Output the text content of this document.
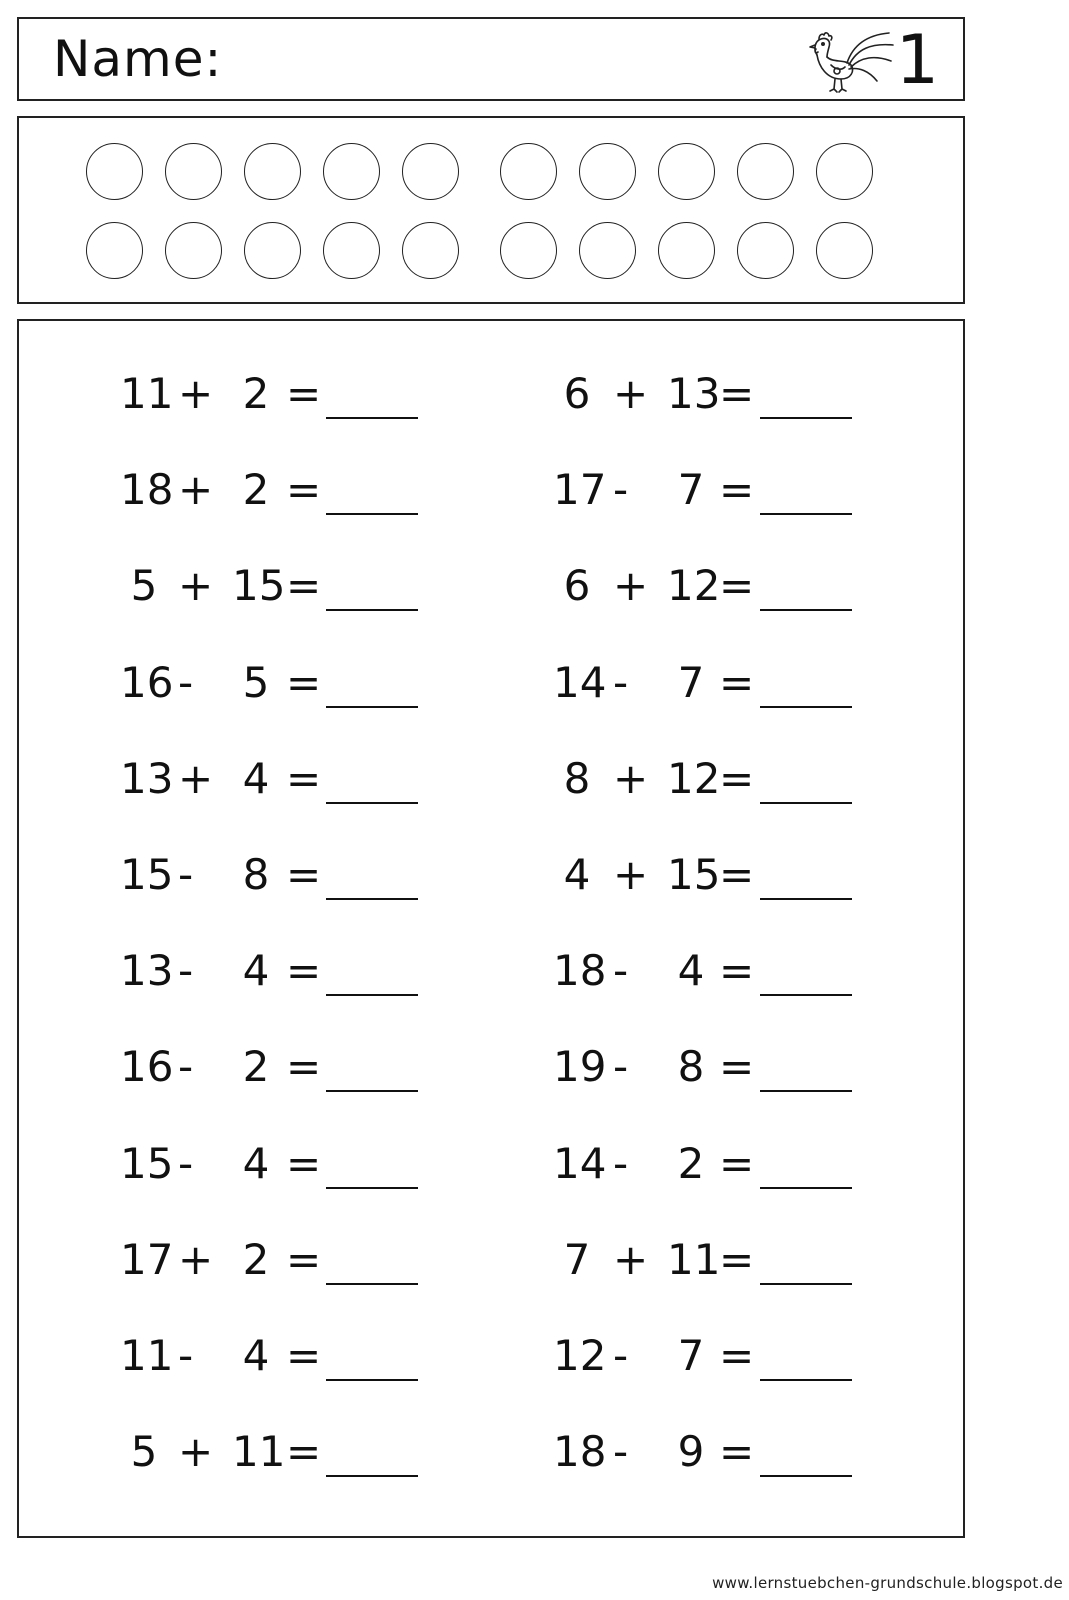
Name:	1
11 + 2 =
18 + 2 =
5 + 15 =
16 - 5 =
13 + 4 =
15 - 8 =
13 - 4 =
16 - 2 =
15 - 4 =
17 + 2 =
11 - 4 =
5 + 11 =
6 + 13
=
17 - 7 =
6 + 12
=
14 - 7 =
8 + 12
=
4 + 15
=
18 - 4 =
19 - 8 =
14 - 2 =
7 + 11
=
12 - 7 =
18 - 9 =
www.lernstuebchen-grundschule.blogspot.de
